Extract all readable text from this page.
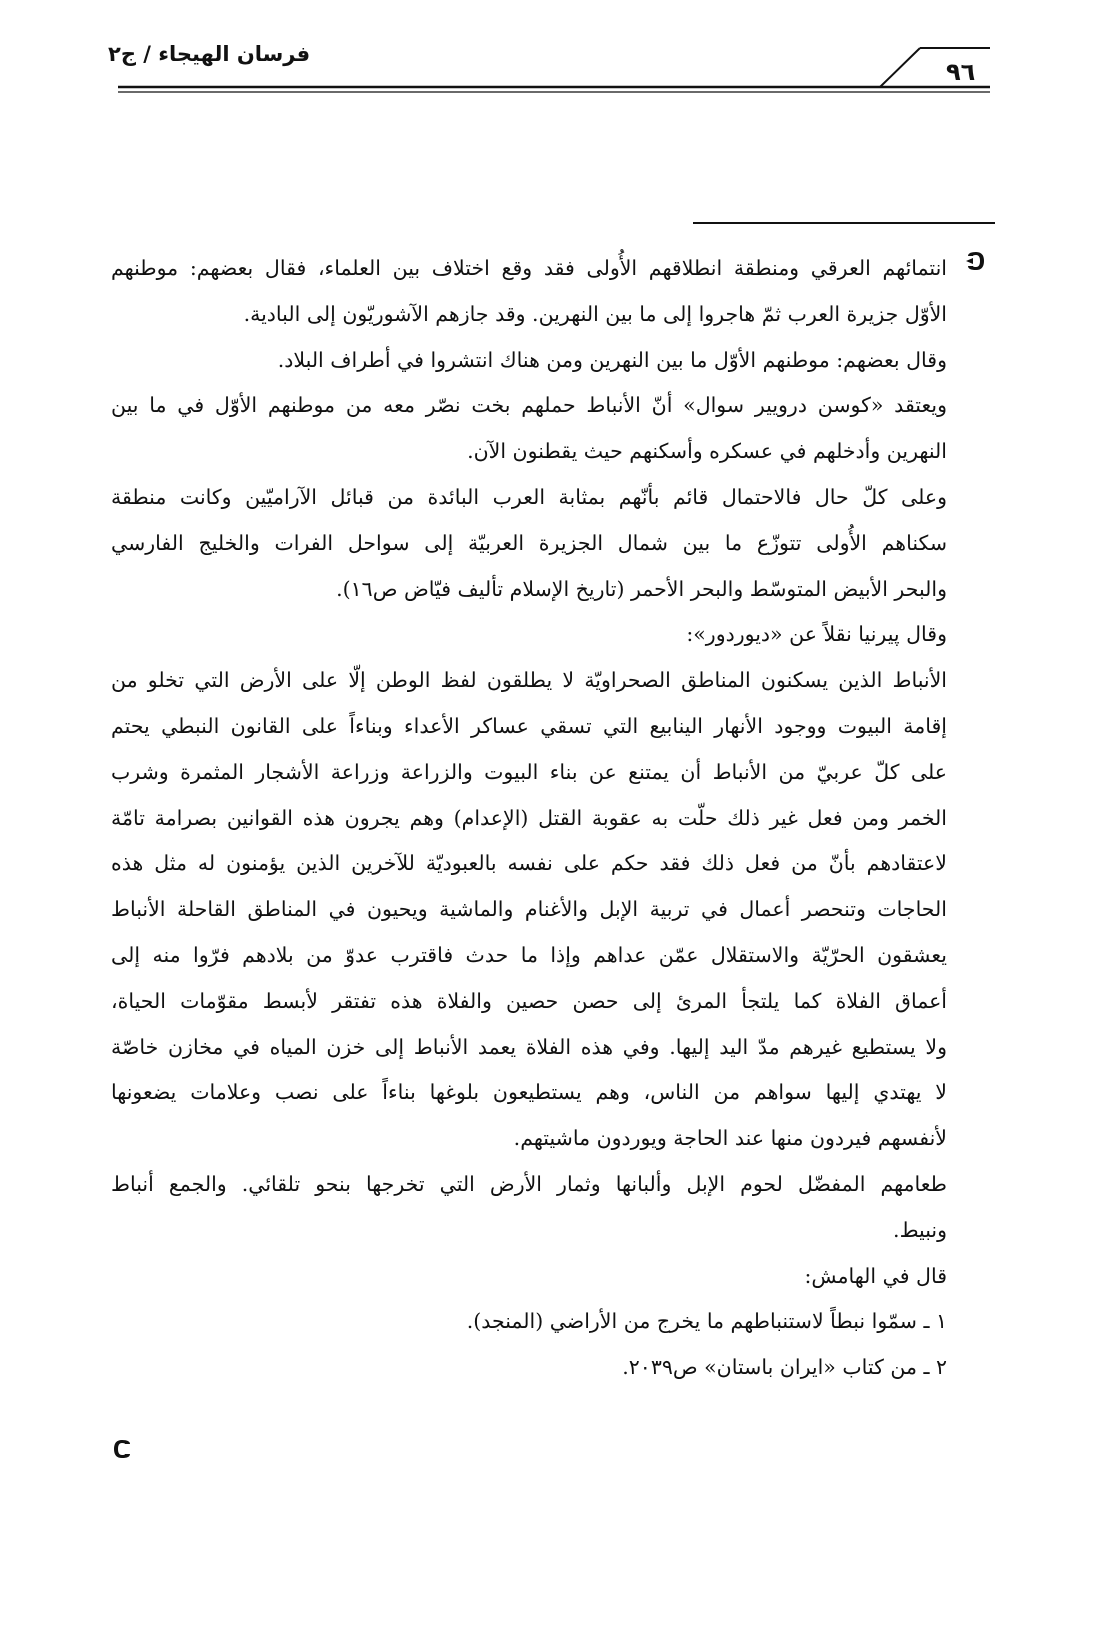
فرسان الهيجاء / ج٢
٩٦
انتمائهم العرقي ومنطقة انطلاقهم الأُولى فقد وقع اختلاف بين العلماء، فقال بعضهم: موطنهم
الأوّل جزيرة العرب ثمّ هاجروا إلى ما بين النهرين. وقد جازهم الآشوريّون إلى البادية.
وقال بعضهم: موطنهم الأوّل ما بين النهرين ومن هناك انتشروا في أطراف البلاد.
ويعتقد «كوسن درويير سوال» أنّ الأنباط حملهم بخت نصّر معه من موطنهم الأوّل في ما بين
النهرين وأدخلهم في عسكره وأسكنهم حيث يقطنون الآن.
وعلى كلّ حال فالاحتمال قائم بأنّهم بمثابة العرب البائدة من قبائل الآراميّين وكانت منطقة
سكناهم الأُولى تتوزّع ما بين شمال الجزيرة العربيّة إلى سواحل الفرات والخليج الفارسي
والبحر الأبيض المتوسّط والبحر الأحمر (تاريخ الإسلام تأليف فيّاض ص١٦).
وقال پيرنيا نقلاً عن «ديوردور»:
الأنباط الذين يسكنون المناطق الصحراويّة لا يطلقون لفظ الوطن إلّا على الأرض التي تخلو من
إقامة البيوت ووجود الأنهار الينابيع التي تسقي عساكر الأعداء وبناءاً على القانون النبطي يحتم
على كلّ عربيّ من الأنباط أن يمتنع عن بناء البيوت والزراعة وزراعة الأشجار المثمرة وشرب
الخمر ومن فعل غير ذلك حلّت به عقوبة القتل (الإعدام) وهم يجرون هذه القوانين بصرامة تامّة
لاعتقادهم بأنّ من فعل ذلك فقد حكم على نفسه بالعبوديّة للآخرين الذين يؤمنون له مثل هذه
الحاجات وتنحصر أعمال في تربية الإبل والأغنام والماشية ويحيون في المناطق القاحلة الأنباط
يعشقون الحرّيّة والاستقلال عمّن عداهم وإذا ما حدث فاقترب عدوّ من بلادهم فرّوا منه إلى
أعماق الفلاة كما يلتجأ المرئ إلى حصن حصين والفلاة هذه تفتقر لأبسط مقوّمات الحياة،
ولا يستطيع غيرهم مدّ اليد إليها. وفي هذه الفلاة يعمد الأنباط إلى خزن المياه في مخازن خاصّة
لا يهتدي إليها سواهم من الناس، وهم يستطيعون بلوغها بناءاً على نصب وعلامات يضعونها
لأنفسهم فيردون منها عند الحاجة ويوردون ماشيتهم.
طعامهم المفضّل لحوم الإبل وألبانها وثمار الأرض التي تخرجها بنحو تلقائي. والجمع أنباط
ونبيط.
قال في الهامش:
١ ـ سمّوا نبطاً لاستنباطهم ما يخرج من الأراضي (المنجد).
٢ ـ من كتاب «ايران باستان» ص٢٠٣٩.
